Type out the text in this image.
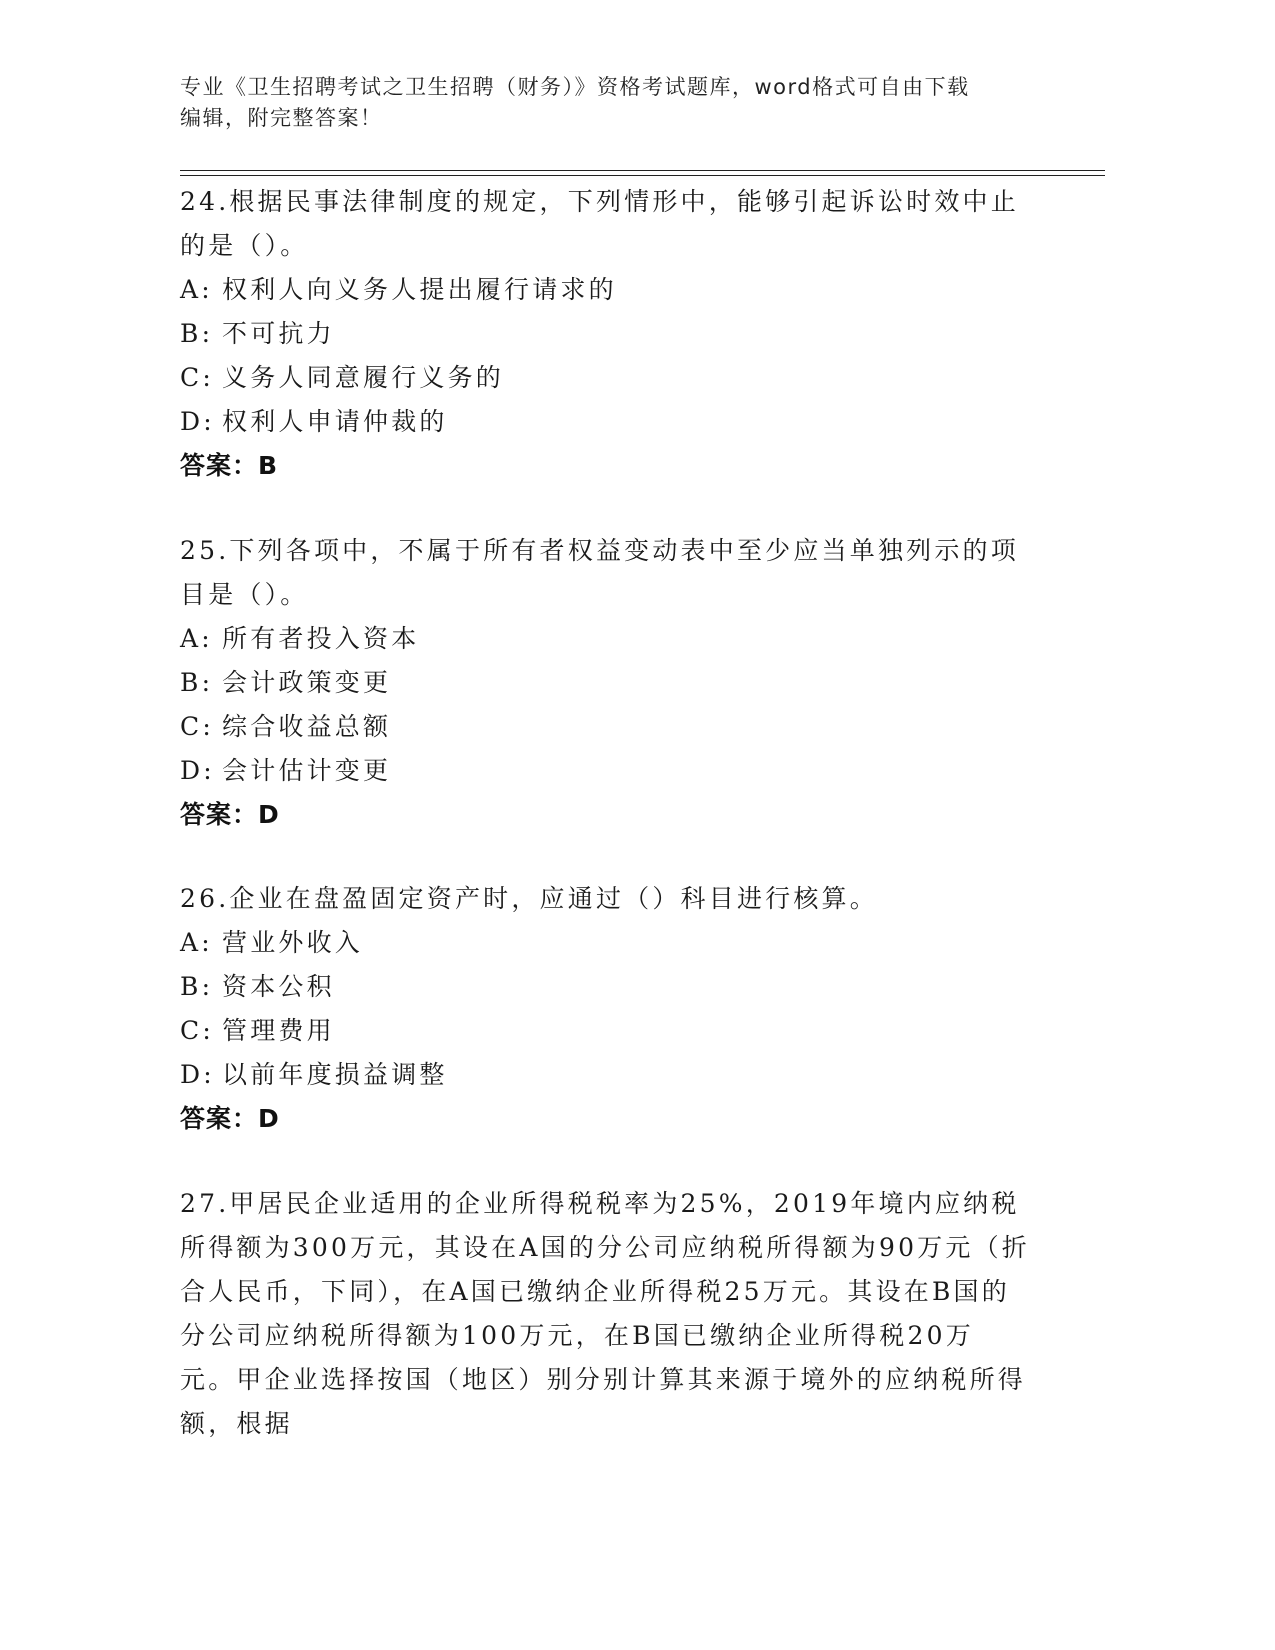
专业《卫生招聘考试之卫生招聘（财务）》资格考试题库，word格式可自由下载
编辑，附完整答案！

24.根据民事法律制度的规定，下列情形中，能够引起诉讼时效中止的是（）。

A: 权利人向义务人提出履行请求的

B: 不可抗力

C: 义务人同意履行义务的

D: 权利人申请仲裁的

答案：B

25.下列各项中，不属于所有者权益变动表中至少应当单独列示的项目是（）。

A: 所有者投入资本

B: 会计政策变更

C: 综合收益总额

D: 会计估计变更

答案：D

26.企业在盘盈固定资产时，应通过（）科目进行核算。

A: 营业外收入

B: 资本公积

C: 管理费用

D: 以前年度损益调整

答案：D

27.甲居民企业适用的企业所得税税率为25%，2019年境内应纳税所得额为300万元，其设在A国的分公司应纳税所得额为90万元（折合人民币，下同），在A国已缴纳企业所得税25万元。其设在B国的分公司应纳税所得额为100万元，在B国已缴纳企业所得税20万元。甲企业选择按国（地区）别分别计算其来源于境外的应纳税所得额，根据
